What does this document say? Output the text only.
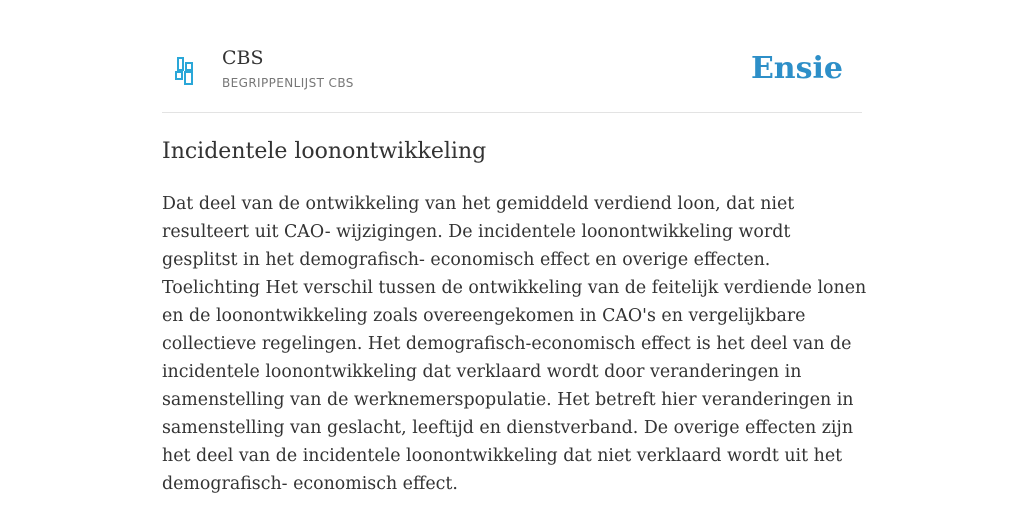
CBS
BEGRIPPENLIJST CBS	Ensie
Incidentele loonontwikkeling

Dat deel van de ontwikkeling van het gemiddeld verdiend loon, dat niet resulteert uit CAO- wijzigingen. De incidentele loonontwikkeling wordt gesplitst in het demografisch- economisch effect en overige effecten. Toelichting Het verschil tussen de ontwikkeling van de feitelijk verdiende lonen en de loonontwikkeling zoals overeengekomen in CAO's en vergelijkbare collectieve regelingen. Het demografisch-economisch effect is het deel van de incidentele loonontwikkeling dat verklaard wordt door veranderingen in samenstelling van de werknemerspopulatie. Het betreft hier veranderingen in samenstelling van geslacht, leeftijd en dienstverband. De overige effecten zijn het deel van de incidentele loonontwikkeling dat niet verklaard wordt uit het demografisch- economisch effect.
